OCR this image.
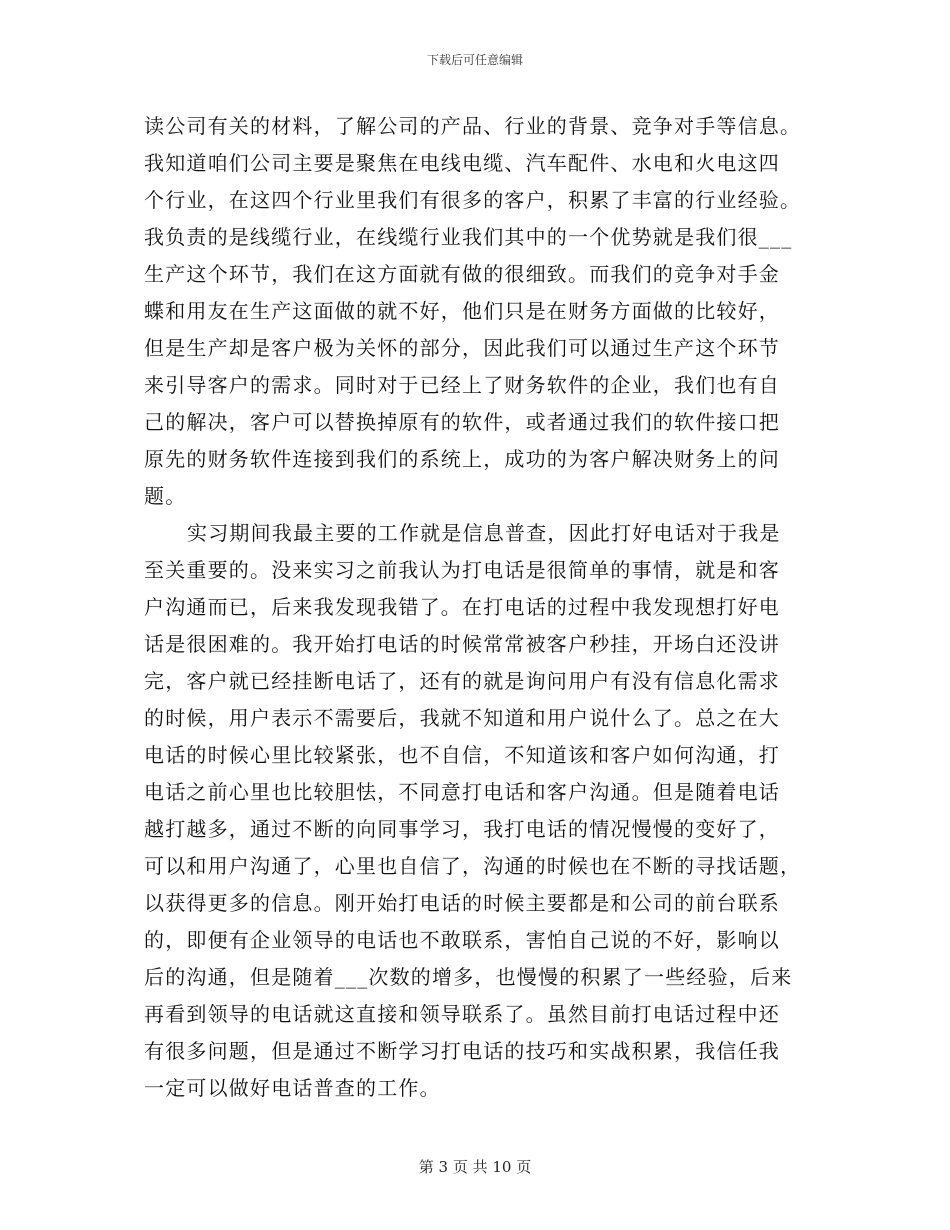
下载后可任意编辑
读公司有关的材料，了解公司的产品、行业的背景、竞争对手等信息。
我知道咱们公司主要是聚焦在电线电缆、汽车配件、水电和火电这四
个行业，在这四个行业里我们有很多的客户，积累了丰富的行业经验。
我负责的是线缆行业，在线缆行业我们其中的一个优势就是我们很___
生产这个环节，我们在这方面就有做的很细致。而我们的竞争对手金
蝶和用友在生产这面做的就不好，他们只是在财务方面做的比较好，
但是生产却是客户极为关怀的部分，因此我们可以通过生产这个环节
来引导客户的需求。同时对于已经上了财务软件的企业，我们也有自
己的解决，客户可以替换掉原有的软件，或者通过我们的软件接口把
原先的财务软件连接到我们的系统上，成功的为客户解决财务上的问
题。
实习期间我最主要的工作就是信息普查，因此打好电话对于我是
至关重要的。没来实习之前我认为打电话是很简单的事情，就是和客
户沟通而已，后来我发现我错了。在打电话的过程中我发现想打好电
话是很困难的。我开始打电话的时候常常被客户秒挂，开场白还没讲
完，客户就已经挂断电话了，还有的就是询问用户有没有信息化需求
的时候，用户表示不需要后，我就不知道和用户说什么了。总之在大
电话的时候心里比较紧张，也不自信，不知道该和客户如何沟通，打
电话之前心里也比较胆怯，不同意打电话和客户沟通。但是随着电话
越打越多，通过不断的向同事学习，我打电话的情况慢慢的变好了，
可以和用户沟通了，心里也自信了，沟通的时候也在不断的寻找话题，
以获得更多的信息。刚开始打电话的时候主要都是和公司的前台联系
的，即便有企业领导的电话也不敢联系，害怕自己说的不好，影响以
后的沟通，但是随着___次数的增多，也慢慢的积累了一些经验，后来
再看到领导的电话就这直接和领导联系了。虽然目前打电话过程中还
有很多问题，但是通过不断学习打电话的技巧和实战积累，我信任我
一定可以做好电话普查的工作。
第 3 页 共 10 页
